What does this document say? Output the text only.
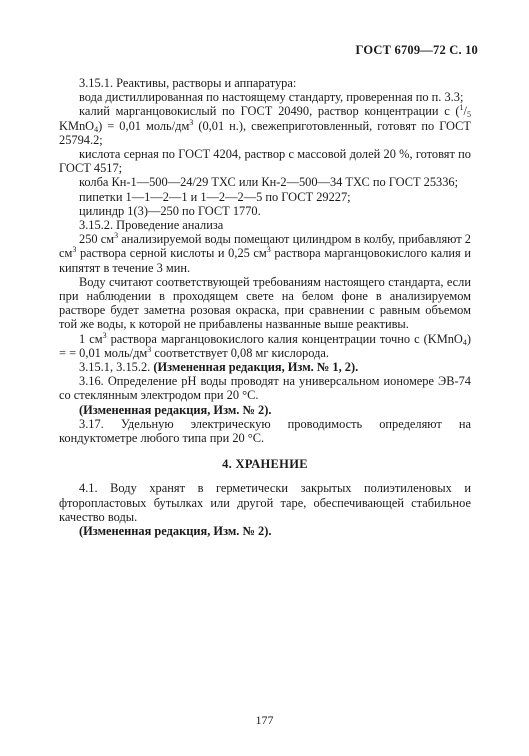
ГОСТ 6709—72 С. 10

3.15.1. Реактивы, растворы и аппаратура:

вода дистиллированная по настоящему стандарту, проверенная по п. 3.3;

калий марганцовокислый по ГОСТ 20490, раствор концентрации c ($^1/_5$ KMnO$_4$) = 0,01 моль/$дм^3$ (0,01 н.), свежеприготовленный, готовят по ГОСТ 25794.2;

кислота серная по ГОСТ 4204, раствор с массовой долей 20 %, готовят по ГОСТ 4517;

колба Кн-1—500—24/29 ТХС или Кн-2—500—34 ТХС по ГОСТ 25336;

пипетки 1—1—2—1 и 1—2—2—5 по ГОСТ 29227;

цилиндр 1(3)—250 по ГОСТ 1770.

3.15.2. Проведение анализа

250 $см^3$ анализируемой воды помещают цилиндром в колбу, прибавляют 2 $см^3$ раствора серной кислоты и 0,25 $см^3$ раствора марганцовокислого калия и кипятят в течение 3 мин.

Воду считают соответствующей требованиям настоящего стандарта, если при наблюдении в проходящем свете на белом фоне в анализируемом растворе будет заметна розовая окраска, при сравнении с равным объемом той же воды, к которой не прибавлены названные выше реактивы.

1 $см^3$ раствора марганцовокислого калия концентрации точно c (KMnO$_4$) = = 0,01 моль/$дм^3$ соответствует 0,08 мг кислорода.

3.15.1, 3.15.2. (Измененная редакция, Изм. № 1, 2).

3.16. Определение pH воды проводят на универсальном иономере ЭВ-74 со стеклянным электродом при 20 °С.

(Измененная редакция, Изм. № 2).

3.17. Удельную электрическую проводимость определяют на кондуктометре любого типа при 20 °С.

4. ХРАНЕНИЕ

4.1. Воду хранят в герметически закрытых полиэтиленовых и фторопластовых бутылках или другой таре, обеспечивающей стабильное качество воды.

(Измененная редакция, Изм. № 2).

177
